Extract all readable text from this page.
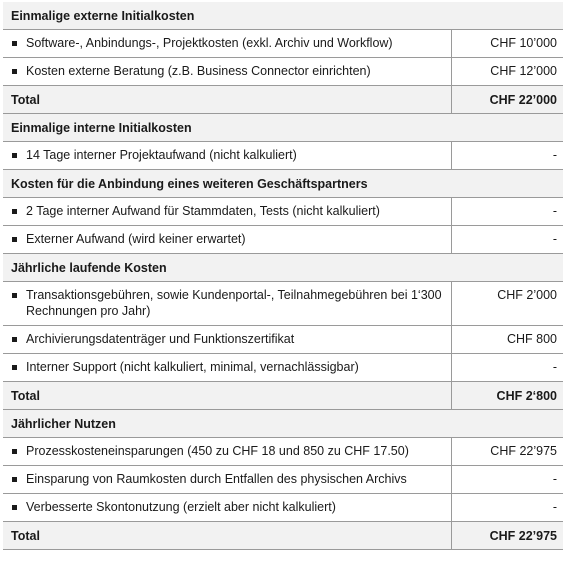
Einmalige externe Initialkosten	

Software-, Anbindungs-, Projektkosten (exkl. Archiv und Workflow)	CHF 10’000

Kosten externe Beratung (z.B. Business Connector einrichten)	CHF 12’000
Total	CHF 22’000
Einmalige interne Initialkosten	

14 Tage interner Projektaufwand (nicht kalkuliert)	-
Kosten für die Anbindung eines weiteren Geschäftspartners	

2 Tage interner Aufwand für Stammdaten, Tests (nicht kalkuliert)	-

Externer Aufwand (wird keiner erwartet)	-
Jährliche laufende Kosten	

Transaktionsgebühren, sowie Kundenportal-, Teilnahmegebühren bei 1‘300 Rechnungen pro Jahr)	CHF 2’000

Archivierungsdatenträger und Funktionszertifikat	CHF 800

Interner Support (nicht kalkuliert, minimal, vernachlässigbar)	-
Total	CHF 2‘800
Jährlicher Nutzen	

Prozesskosteneinsparungen (450 zu CHF 18 und 850 zu CHF 17.50)	CHF 22’975

Einsparung von Raumkosten durch Entfallen des physischen Archivs	-

Verbesserte Skontonutzung (erzielt aber nicht kalkuliert)	-
Total	CHF 22’975
